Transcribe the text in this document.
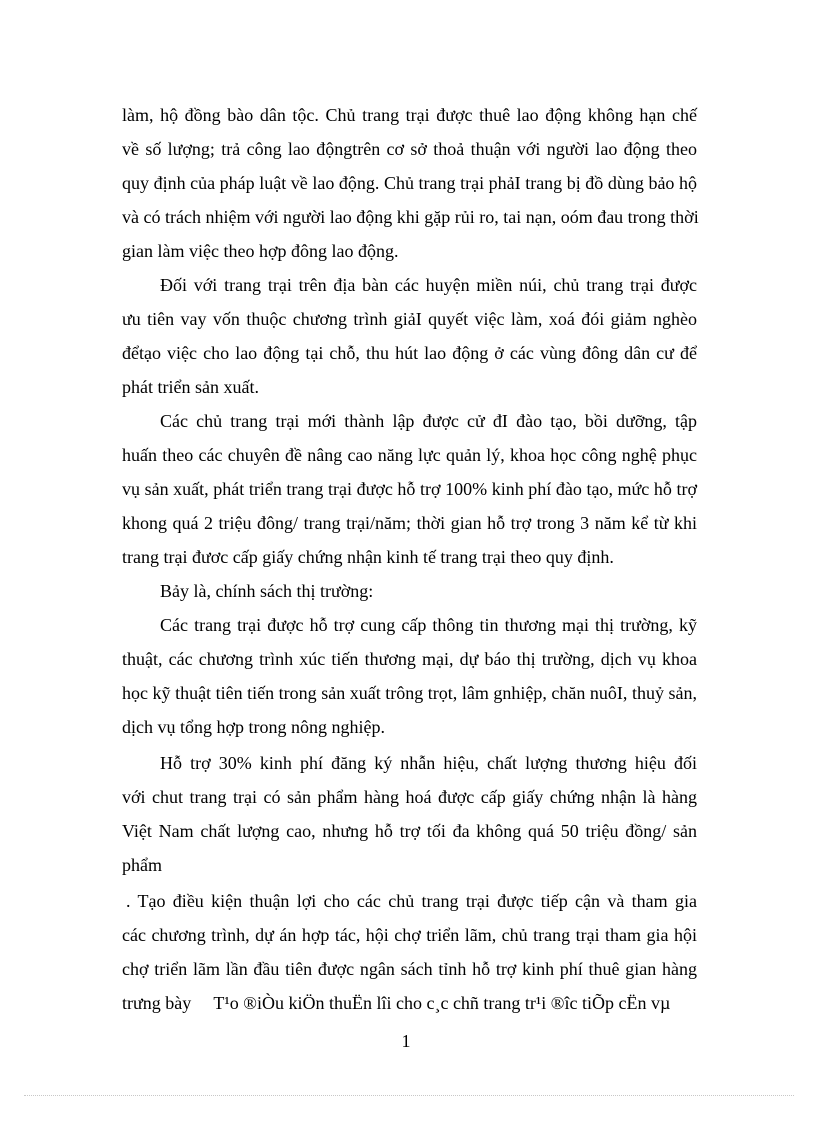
làm, hộ đồng bào dân tộc. Chủ trang trại được thuê lao động không hạn chế
về số lượng; trả công lao độngtrên cơ sở thoả thuận với người lao động theo
quy định của pháp luật về lao động. Chủ trang trại phảI trang bị đồ dùng bảo hộ
và có trách nhiệm với người lao động khi gặp rủi ro, tai nạn, oóm đau trong thời
gian làm việc theo hợp đông lao động.
Đối với trang trại trên địa bàn các huyện miền núi, chủ trang trại được
ưu tiên vay vốn thuộc chương trình giảI quyết việc làm, xoá đói giảm nghèo
đểtạo việc cho lao động tại chỗ, thu hút lao động ở các vùng đông dân cư để
phát triển sản xuất.
Các chủ trang trại mới thành lập được cử đI đào tạo, bồi dưỡng, tập
huấn theo các chuyên đề nâng cao năng lực quản lý, khoa học công nghệ phục
vụ sản xuất, phát triển trang trại được hỗ trợ 100% kinh phí đào tạo, mức hỗ trợ
khong quá 2 triệu đông/ trang trại/năm; thời gian hỗ trợ trong 3 năm kể từ khi
trang trại đươc cấp giấy chứng nhận kinh tế trang trại theo quy định.
Bảy là, chính sách thị trường:
Các trang trại được hỗ trợ cung cấp thông tin thương mại thị trường, kỹ
thuật, các chương trình xúc tiến thương mại, dự báo thị trường, dịch vụ khoa
học kỹ thuật tiên tiến trong sản xuất trông trọt, lâm gnhiệp, chăn nuôI, thuỷ sản,
dịch vụ tổng hợp trong nông nghiệp.
Hỗ trợ 30% kinh phí đăng ký nhẫn hiệu, chất lượng thương hiệu đối
với chut trang trại có sản phẩm hàng hoá được cấp giấy chứng nhận là hàng
Việt Nam chất lượng cao, nhưng hỗ trợ tối đa không quá 50 triệu đồng/ sản
phẩm
. Tạo điều kiện thuận lợi cho các chủ trang trại được tiếp cận và tham gia
các chương trình, dự án hợp tác, hội chợ triển lãm, chủ trang trại tham gia hội
chợ triển lãm lần đầu tiên được ngân sách tỉnh hỗ trợ kinh phí thuê gian hàng
trưng bày     T¹o ®iÒu kiÖn thuËn lîi cho c¸c chñ trang tr¹i ®îc tiÕp cËn vµ
1
